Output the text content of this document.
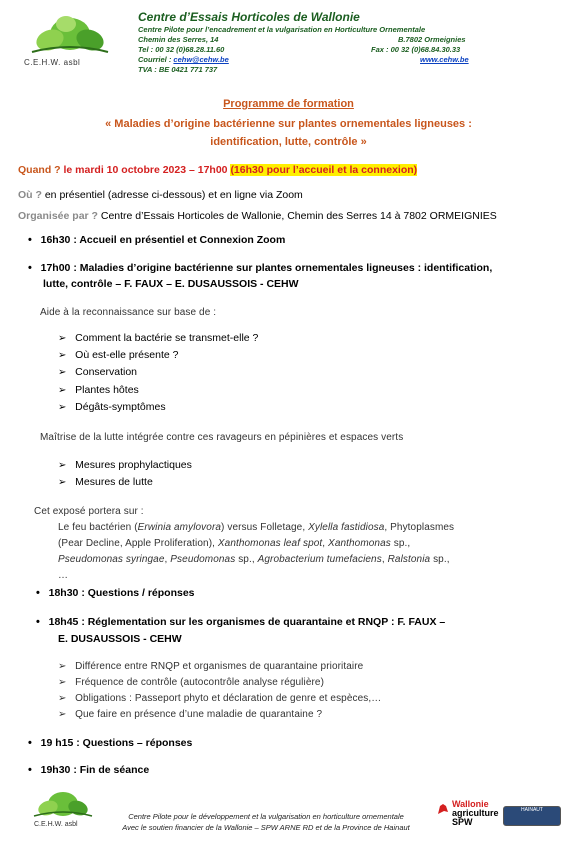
C.E.H.W. asbl
Centre d’Essais Horticoles de Wallonie
Centre Pilote pour l’encadrement et la vulgarisation en Horticulture Ornementale
Chemin des Serres, 14	B.7802 Ormeignies
Tel : 00 32 (0)68.28.11.60	Fax : 00 32 (0)68.84.30.33
Courriel : cehw@cehw.be	www.cehw.be
TVA : BE 0421 771 737
Programme de formation
« Maladies d’origine bactérienne sur plantes ornementales ligneuses :
identification, lutte, contrôle »
Quand ? le mardi 10 octobre 2023 – 17h00 (16h30 pour l’accueil et la connexion)
Où ? en présentiel (adresse ci-dessous) et en ligne via Zoom
Organisée par ? Centre d’Essais Horticoles de Wallonie, Chemin des Serres 14 à 7802 ORMEIGNIES
• 16h30 : Accueil en présentiel et Connexion Zoom
• 17h00 : Maladies d’origine bactérienne sur plantes ornementales ligneuses : identification,
lutte, contrôle – F. FAUX – E. DUSAUSSOIS - CEHW
Aide à la reconnaissance sur base de :
➢ Comment la bactérie se transmet-elle ?
➢ Où est-elle présente ?
➢ Conservation
➢ Plantes hôtes
➢ Dégâts-symptômes
Maîtrise de la lutte intégrée contre ces ravageurs en pépinières et espaces verts
➢ Mesures prophylactiques
➢ Mesures de lutte
Cet exposé portera sur :
Le feu bactérien (Erwinia amylovora) versus Folletage, Xylella fastidiosa, Phytoplasmes
(Pear Decline, Apple Proliferation), Xanthomonas leaf spot, Xanthomonas sp.,
Pseudomonas syringae, Pseudomonas sp., Agrobacterium tumefaciens, Ralstonia sp.,
…
• 18h30 : Questions / réponses
• 18h45 : Réglementation sur les organismes de quarantaine et RNQP : F. FAUX –
E. DUSAUSSOIS - CEHW
➢ Différence entre RNQP et organismes de quarantaine prioritaire
➢ Fréquence de contrôle (autocontrôle analyse régulière)
➢ Obligations : Passeport phyto et déclaration de genre et espèces,…
➢ Que faire en présence d’une maladie de quarantaine ?
• 19 h15 : Questions – réponses
• 19h30 : Fin de séance
C.E.H.W. asbl
Centre Pilote pour le développement et la vulgarisation en horticulture ornementale
Avec le soutien financier de la Wallonie – SPW ARNE RD et de la Province de Hainaut
Wallonie
agriculture
SPW
HAINAUT
